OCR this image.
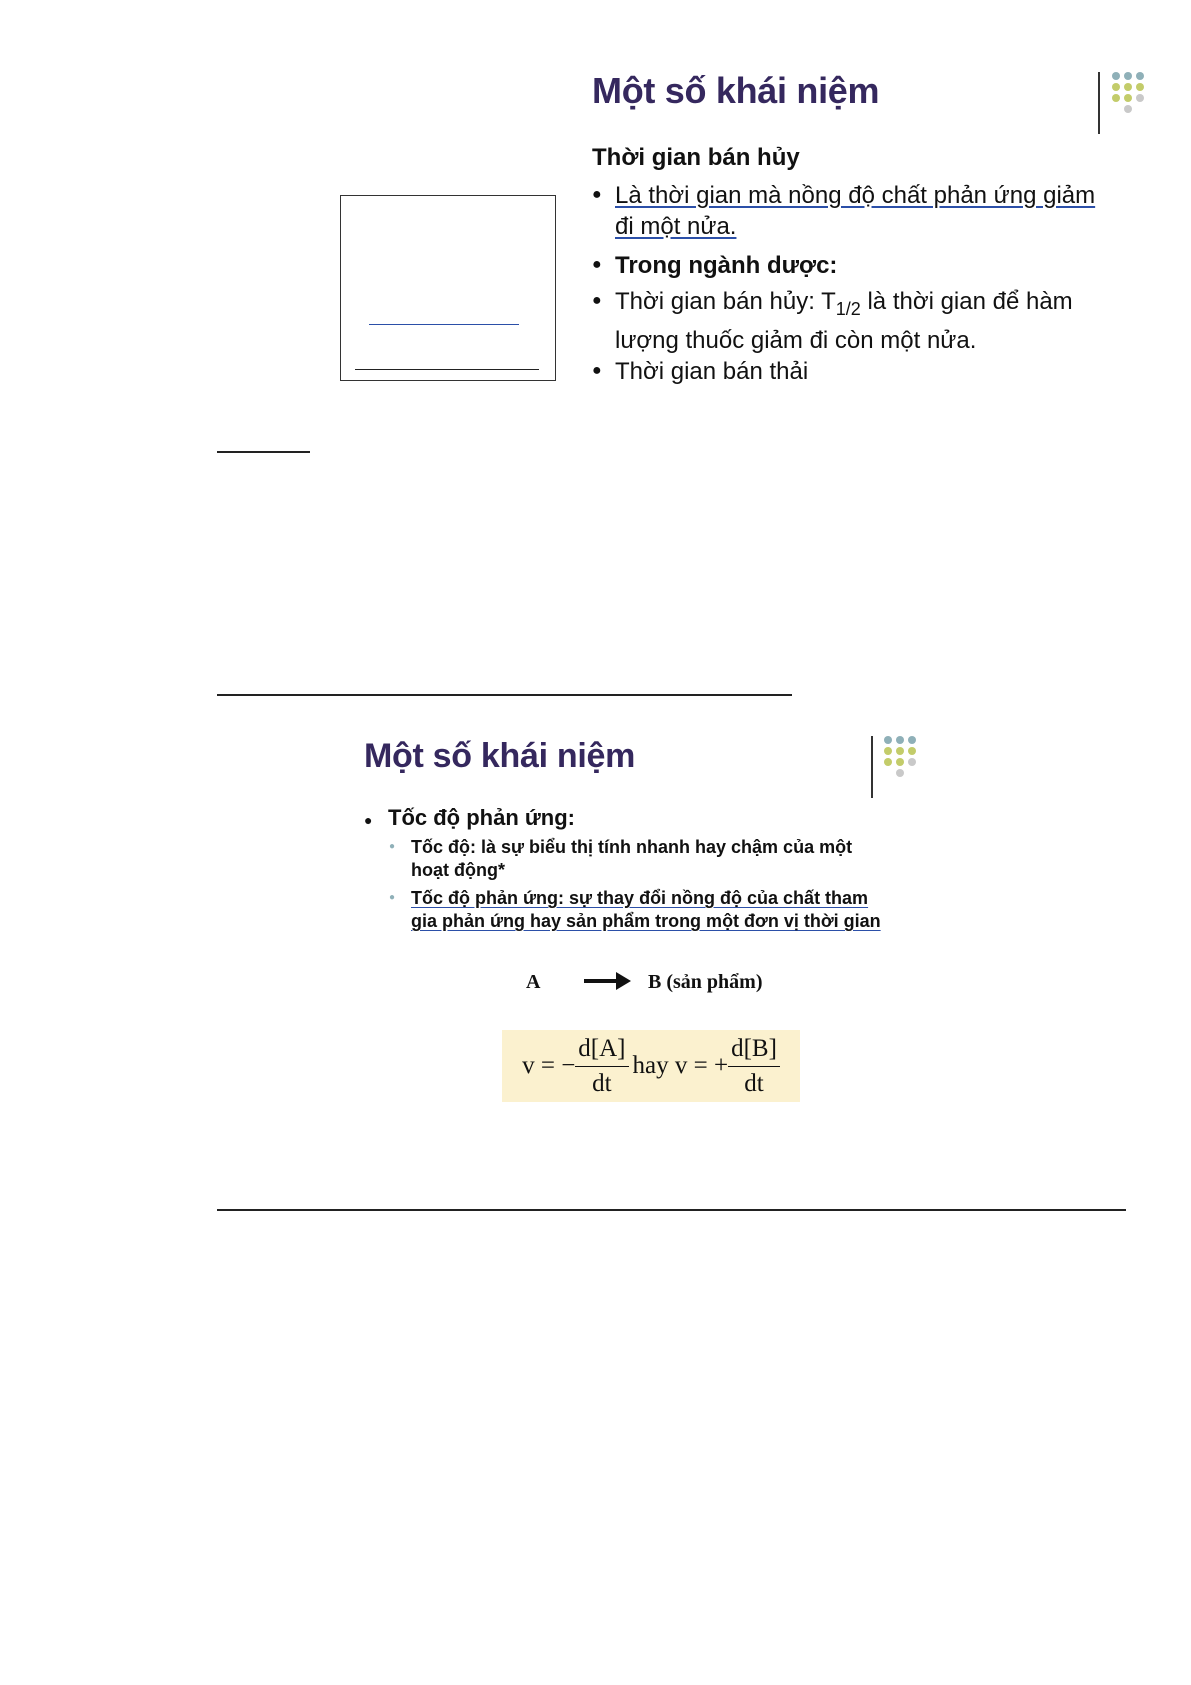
Một số khái niệm
Thời gian bán hủy
● Là thời gian mà nồng độ chất phản ứng giảm
đi một nửa.
● Trong ngành dược:
● Thời gian bán hủy: $T_{1/2}$ là thời gian để hàm
lượng thuốc giảm đi còn một nửa.
● Thời gian bán thải
Một số khái niệm
● Tốc độ phản ứng:
● Tốc độ: là sự biểu thị tính nhanh hay chậm của một
hoạt động*
● Tốc độ phản ứng: sự thay đổi nồng độ của chất tham
gia phản ứng hay sản phẩm trong một đơn vị thời gian
A	B (sản phẩm)
v = − $\frac{d[A]}{dt}$ hay v = + $\frac{d[B]}{dt}$
